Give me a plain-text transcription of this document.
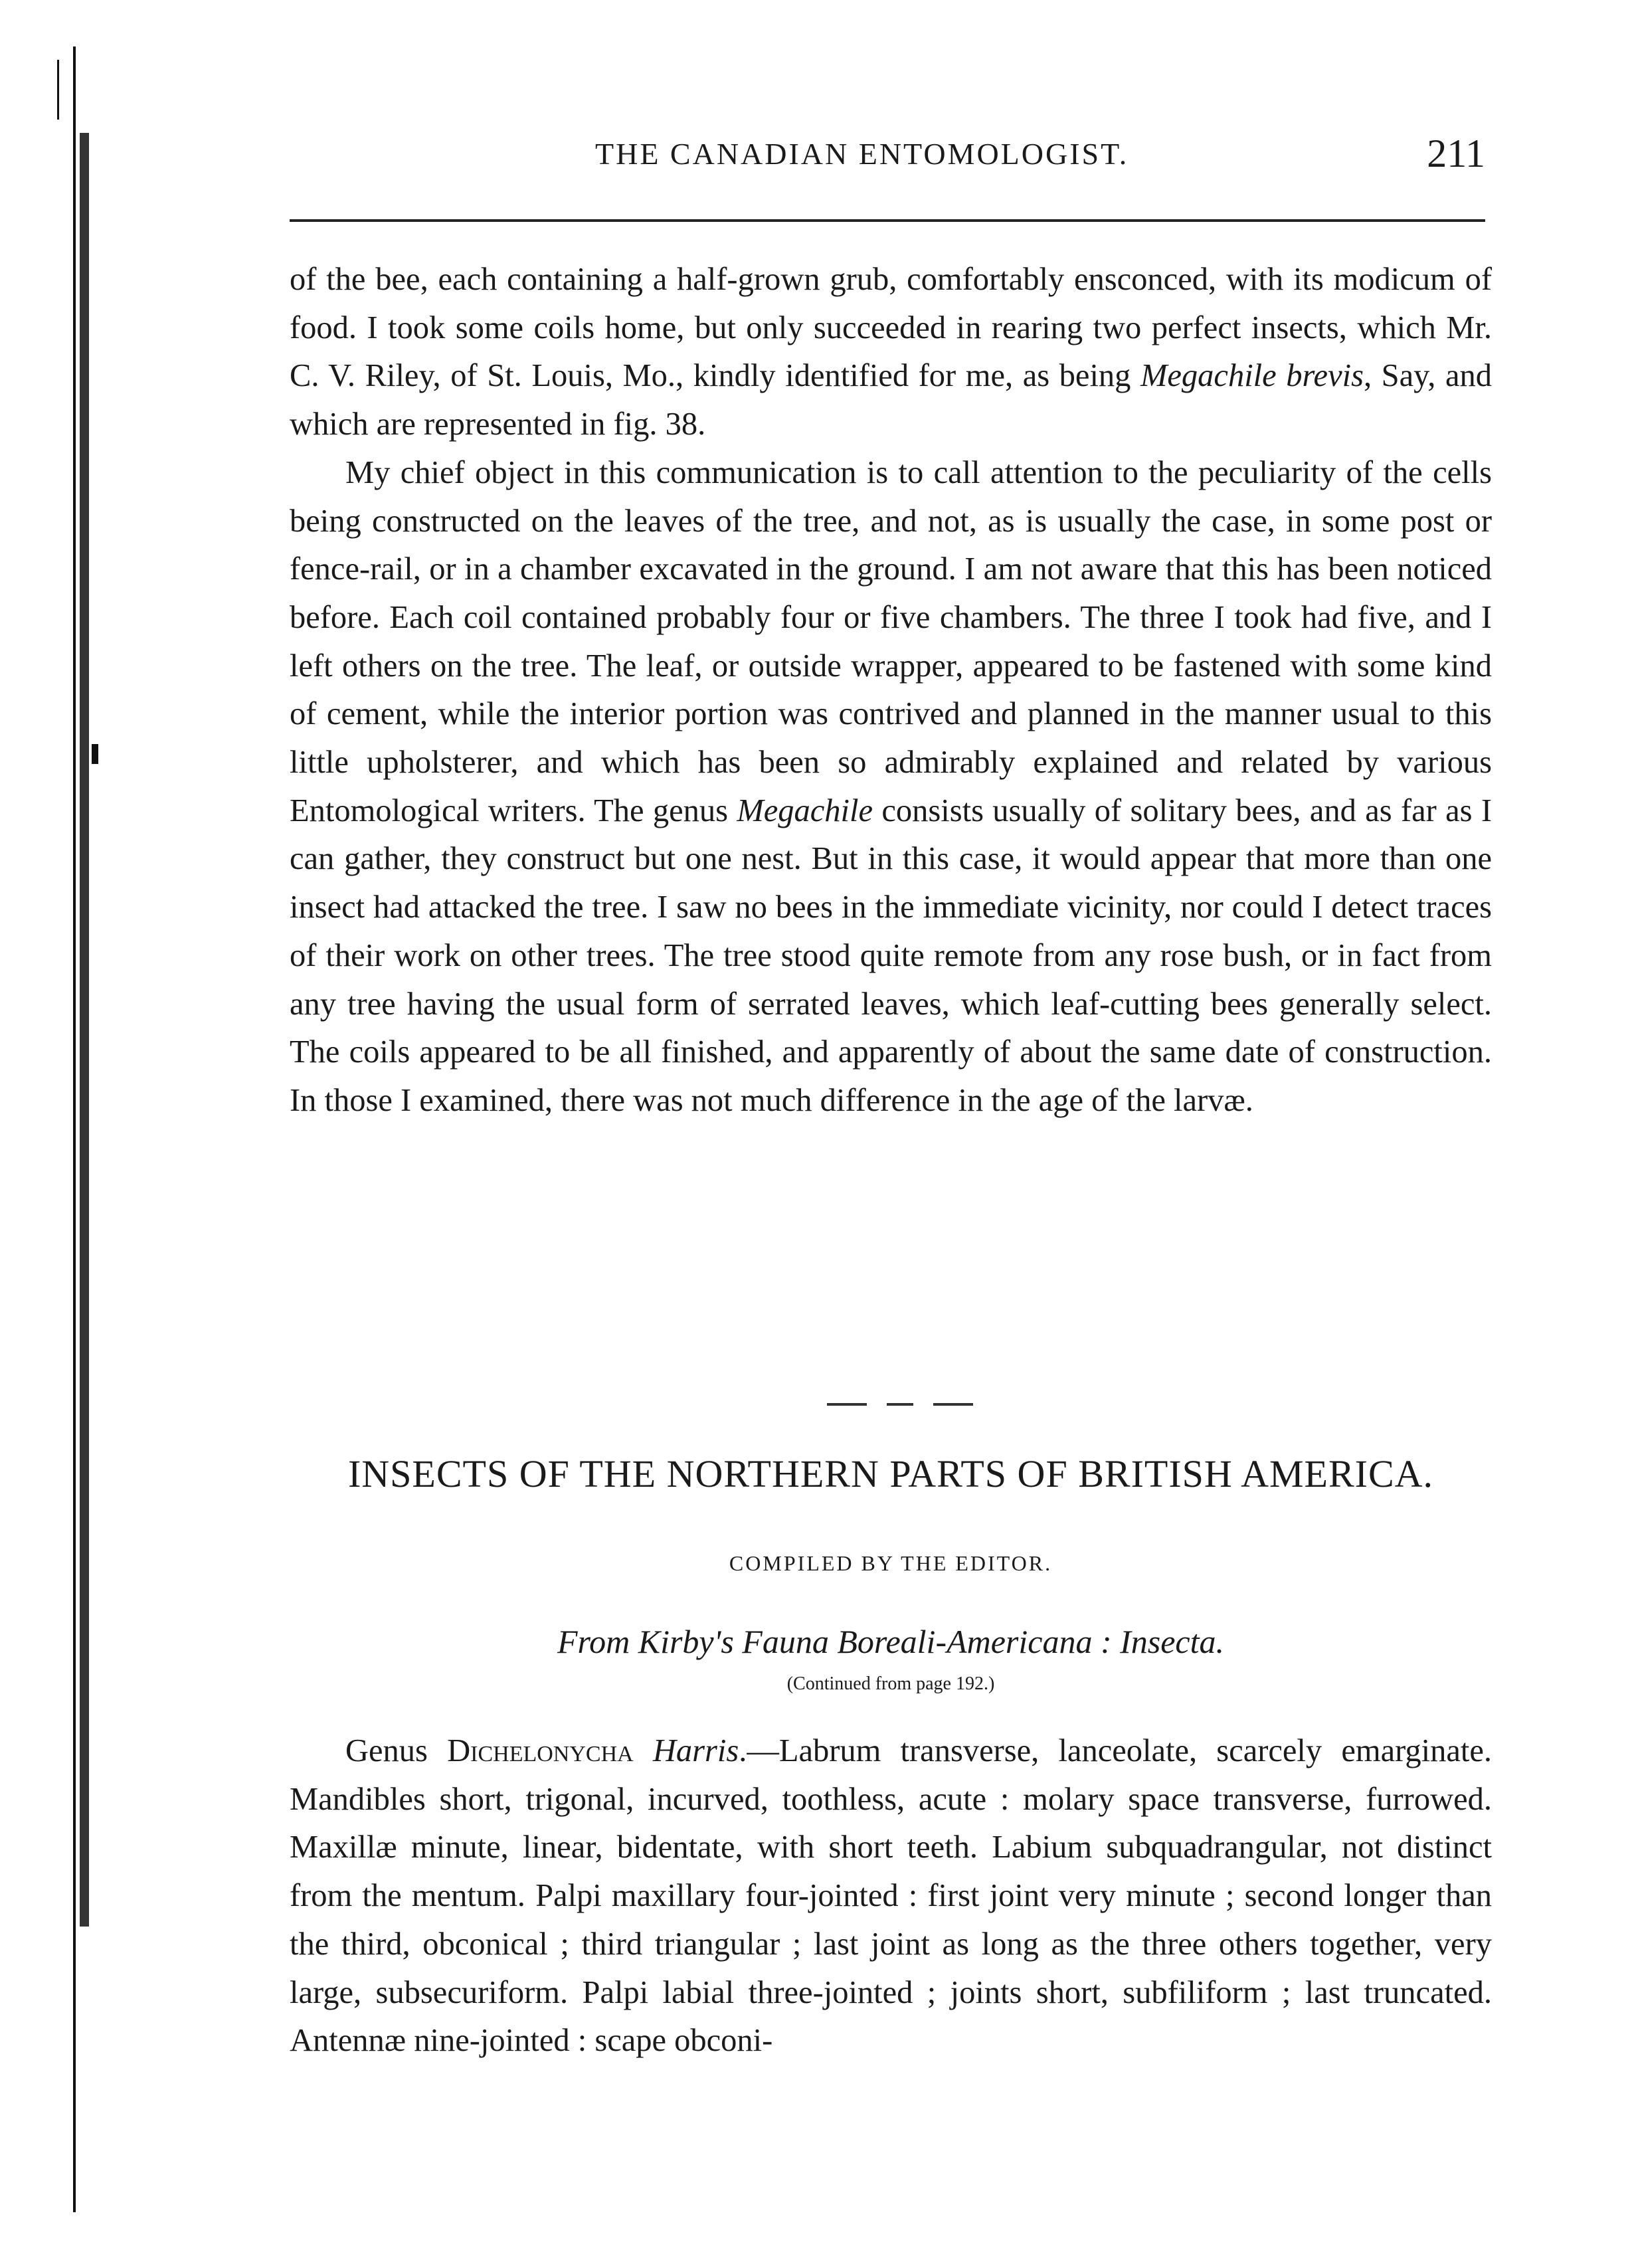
THE CANADIAN ENTOMOLOGIST.	211

of the bee, each containing a half-grown grub, comfortably ensconced, with its modicum of food. I took some coils home, but only succeeded in rearing two perfect insects, which Mr. C. V. Riley, of St. Louis, Mo., kindly identified for me, as being Megachile brevis, Say, and which are represented in fig. 38.

My chief object in this communication is to call attention to the peculiarity of the cells being constructed on the leaves of the tree, and not, as is usually the case, in some post or fence-rail, or in a chamber excavated in the ground. I am not aware that this has been noticed before. Each coil contained probably four or five chambers. The three I took had five, and I left others on the tree. The leaf, or outside wrapper, appeared to be fastened with some kind of cement, while the interior portion was contrived and planned in the manner usual to this little upholsterer, and which has been so admirably explained and related by various Entomological writers. The genus Megachile consists usually of solitary bees, and as far as I can gather, they construct but one nest. But in this case, it would appear that more than one insect had attacked the tree. I saw no bees in the immediate vicinity, nor could I detect traces of their work on other trees. The tree stood quite remote from any rose bush, or in fact from any tree having the usual form of serrated leaves, which leaf-cutting bees generally select. The coils appeared to be all finished, and apparently of about the same date of construction. In those I examined, there was not much difference in the age of the larvæ.

INSECTS OF THE NORTHERN PARTS OF BRITISH AMERICA.
COMPILED BY THE EDITOR.
From Kirby's Fauna Boreali-Americana : Insecta.
(Continued from page 192.)

Genus Dichelonycha Harris.—Labrum transverse, lanceolate, scarcely emarginate. Mandibles short, trigonal, incurved, toothless, acute : molary space transverse, furrowed. Maxillæ minute, linear, bidentate, with short teeth. Labium subquadrangular, not distinct from the mentum. Palpi maxillary four-jointed : first joint very minute ; second longer than the third, obconical ; third triangular ; last joint as long as the three others together, very large, subsecuriform. Palpi labial three-jointed ; joints short, subfiliform ; last truncated. Antennæ nine-jointed : scape obconi-
